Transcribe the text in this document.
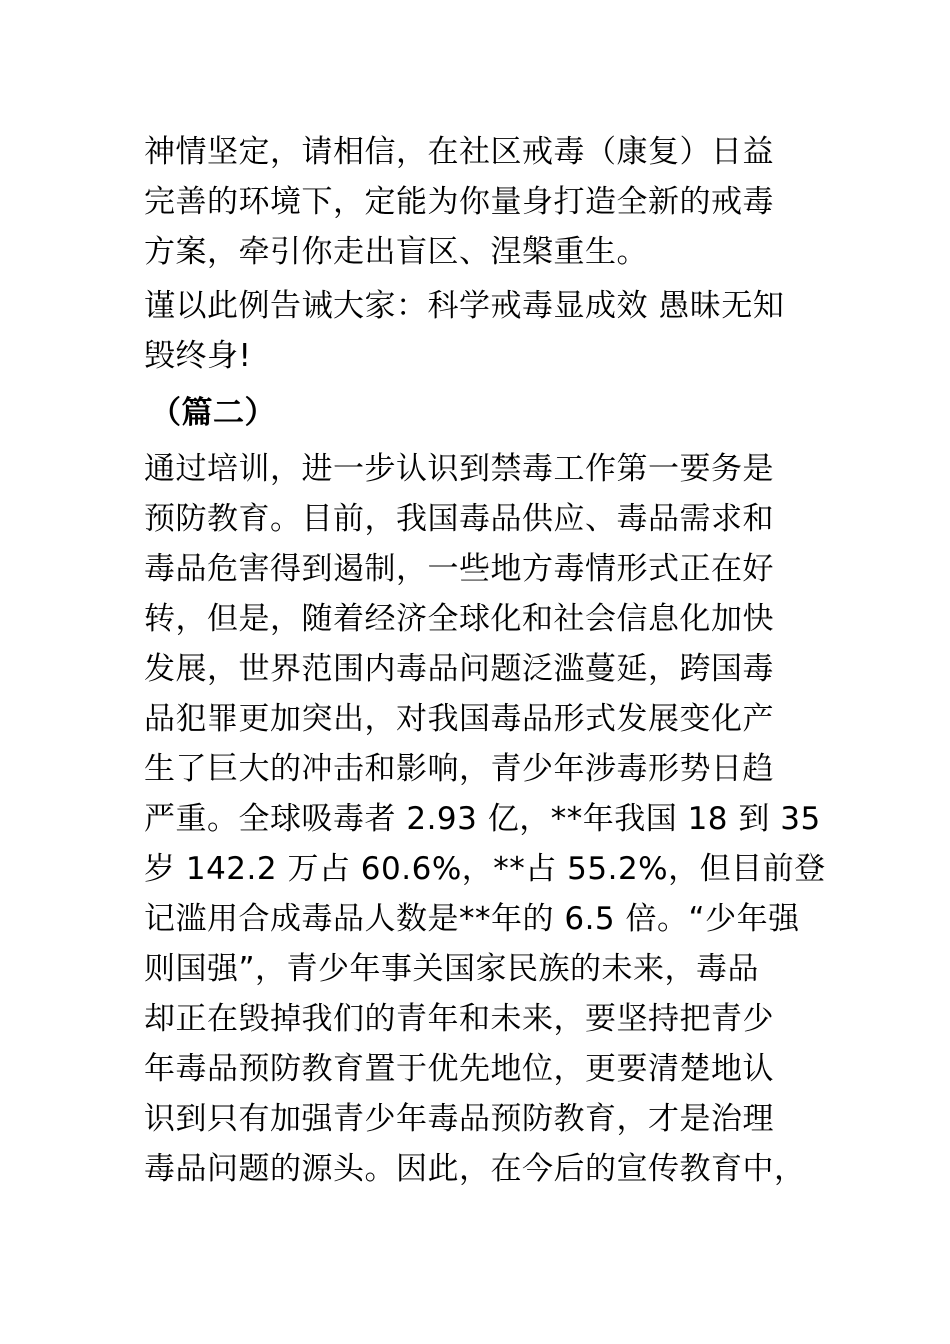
神情坚定，请相信，在社区戒毒（康复）日益
完善的环境下，定能为你量身打造全新的戒毒
方案，牵引你走出盲区、涅槃重生。
谨以此例告诫大家：科学戒毒显成效 愚昧无知
毁终身!
（篇二）
通过培训，进一步认识到禁毒工作第一要务是
预防教育。目前，我国毒品供应、毒品需求和
毒品危害得到遏制，一些地方毒情形式正在好
转，但是，随着经济全球化和社会信息化加快
发展，世界范围内毒品问题泛滥蔓延，跨国毒
品犯罪更加突出，对我国毒品形式发展变化产
生了巨大的冲击和影响，青少年涉毒形势日趋
严重。全球吸毒者 2.93 亿，**年我国 18 到 35
岁 142.2 万占 60.6%，**占 55.2%，但目前登
记滥用合成毒品人数是**年的 6.5 倍。“少年强
则国强”，青少年事关国家民族的未来，毒品
却正在毁掉我们的青年和未来，要坚持把青少
年毒品预防教育置于优先地位，更要清楚地认
识到只有加强青少年毒品预防教育，才是治理
毒品问题的源头。因此，在今后的宣传教育中，
